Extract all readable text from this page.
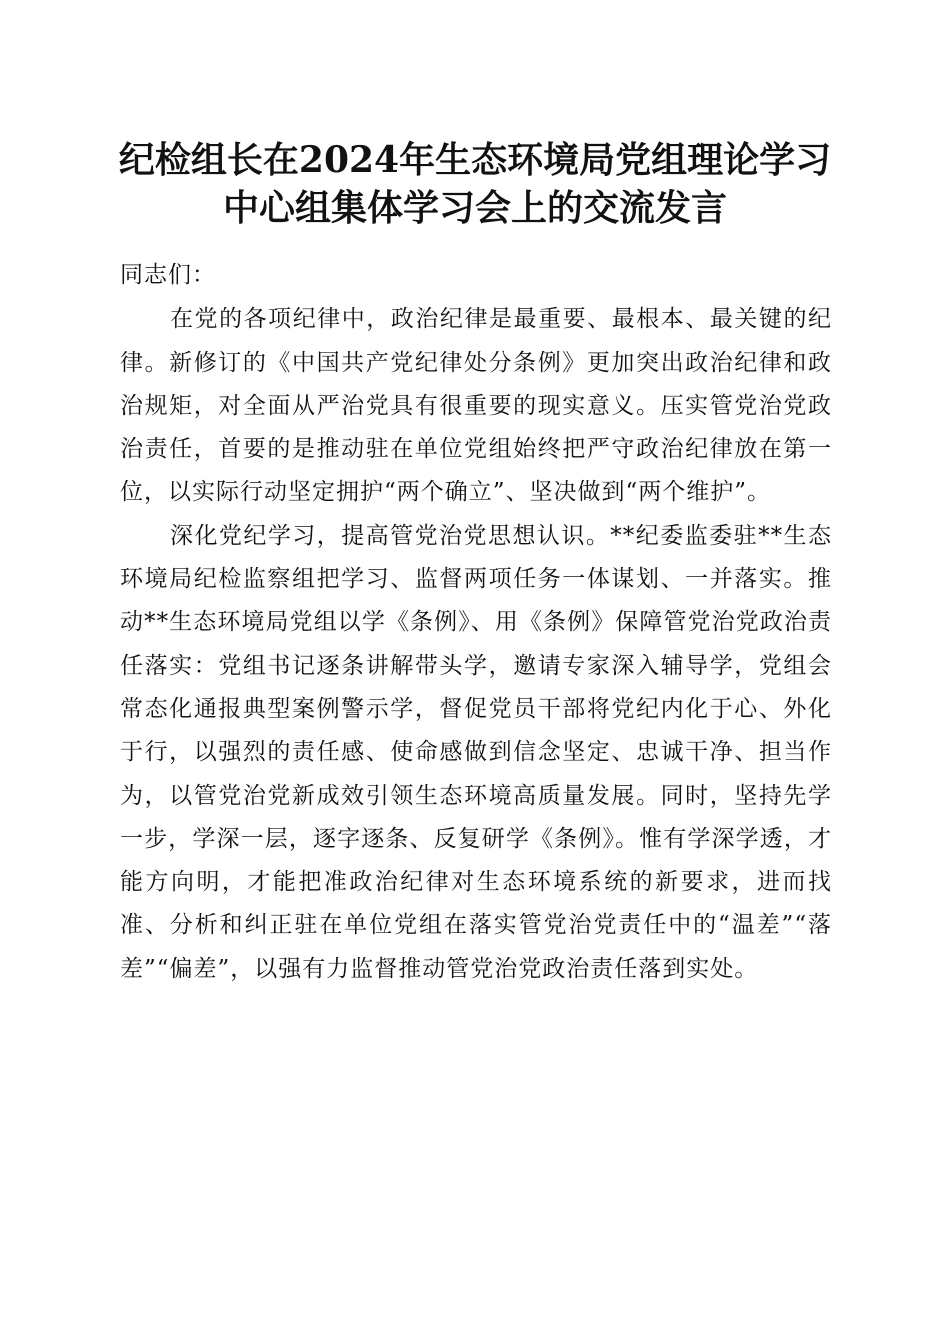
纪检组长在2024年生态环境局党组理论学习
中心组集体学习会上的交流发言

同志们：

在党的各项纪律中，政治纪律是最重要、最根本、最关键的纪律。新修订的《中国共产党纪律处分条例》更加突出政治纪律和政治规矩，对全面从严治党具有很重要的现实意义。压实管党治党政治责任，首要的是推动驻在单位党组始终把严守政治纪律放在第一位，以实际行动坚定拥护“两个确立”、坚决做到“两个维护”。

深化党纪学习，提高管党治党思想认识。**纪委监委驻**生态环境局纪检监察组把学习、监督两项任务一体谋划、一并落实。推动**生态环境局党组以学《条例》、用《条例》保障管党治党政治责任落实：党组书记逐条讲解带头学，邀请专家深入辅导学，党组会常态化通报典型案例警示学，督促党员干部将党纪内化于心、外化于行，以强烈的责任感、使命感做到信念坚定、忠诚干净、担当作为，以管党治党新成效引领生态环境高质量发展。同时，坚持先学一步，学深一层，逐字逐条、反复研学《条例》。惟有学深学透，才能方向明，才能把准政治纪律对生态环境系统的新要求，进而找准、分析和纠正驻在单位党组在落实管党治党责任中的“温差”“落差”“偏差”，以强有力监督推动管党治党政治责任落到实处。
